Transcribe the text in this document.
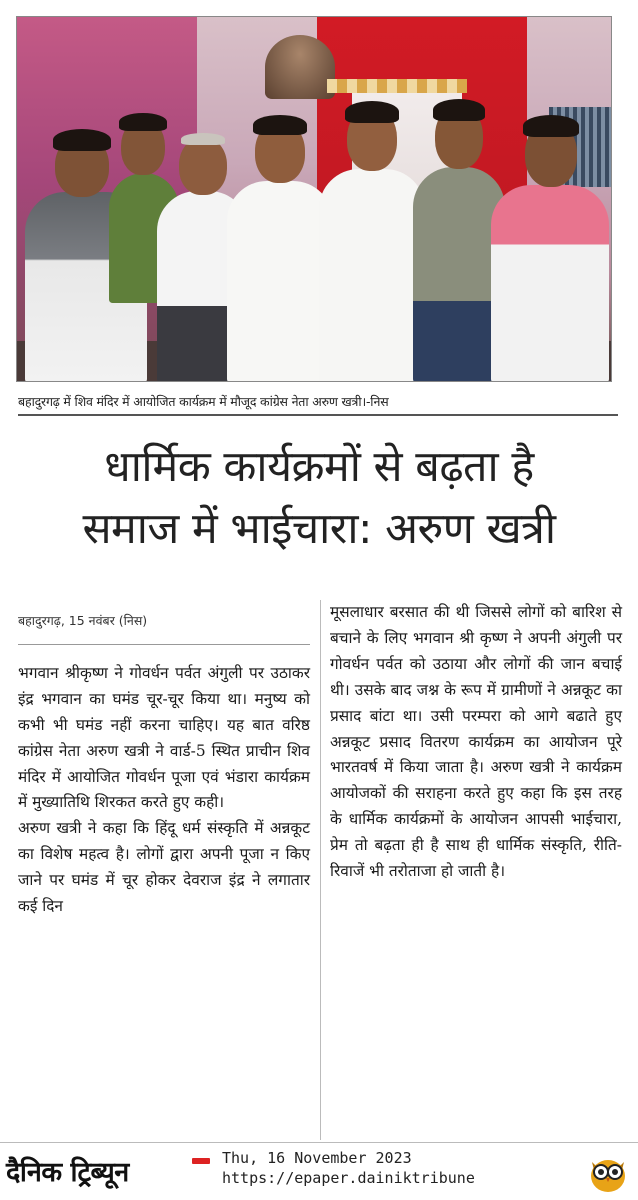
बहादुरगढ़ में शिव मंदिर में आयोजित कार्यक्रम में मौजूद कांग्रेस नेता अरुण खत्री।-निस
धार्मिक कार्यक्रमों से बढ़ता है
समाज में भाईचारा: अरुण खत्री
बहादुरगढ़, 15 नवंबर (निस)

भगवान श्रीकृष्ण ने गोवर्धन पर्वत अंगुली पर उठाकर इंद्र भगवान का घमंड चूर-चूर किया था। मनुष्य को कभी भी घमंड नहीं करना चाहिए। यह बात वरिष्ठ कांग्रेस नेता अरुण खत्री ने वार्ड-5 स्थित प्राचीन शिव मंदिर में आयोजित गोवर्धन पूजा एवं भंडारा कार्यक्रम में मुख्यातिथि शिरकत करते हुए कही।

अरुण खत्री ने कहा कि हिंदू धर्म संस्कृति में अन्नकूट का विशेष महत्व है। लोगों द्वारा अपनी पूजा न किए जाने पर घमंड में चूर होकर देवराज इंद्र ने लगातार कई दिन

मूसलाधार बरसात की थी जिससे लोगों को बारिश से बचाने के लिए भगवान श्री कृष्ण ने अपनी अंगुली पर गोवर्धन पर्वत को उठाया और लोगों की जान बचाई थी। उसके बाद जश्न के रूप में ग्रामीणों ने अन्नकूट का प्रसाद बांटा था। उसी परम्परा को आगे बढाते हुए अन्नकूट प्रसाद वितरण कार्यक्रम का आयोजन पूरे भारतवर्ष में किया जाता है। अरुण खत्री ने कार्यक्रम आयोजकों की सराहना करते हुए कहा कि इस तरह के धार्मिक कार्यक्रमों के आयोजन आपसी भाईचारा, प्रेम तो बढ़ता ही है साथ ही धार्मिक संस्कृति, रीति-रिवाजें भी तरोताजा हो जाती है।

दैनिक ट्रिब्यून	Thu, 16 November 2023
https://epaper.dainiktribune
